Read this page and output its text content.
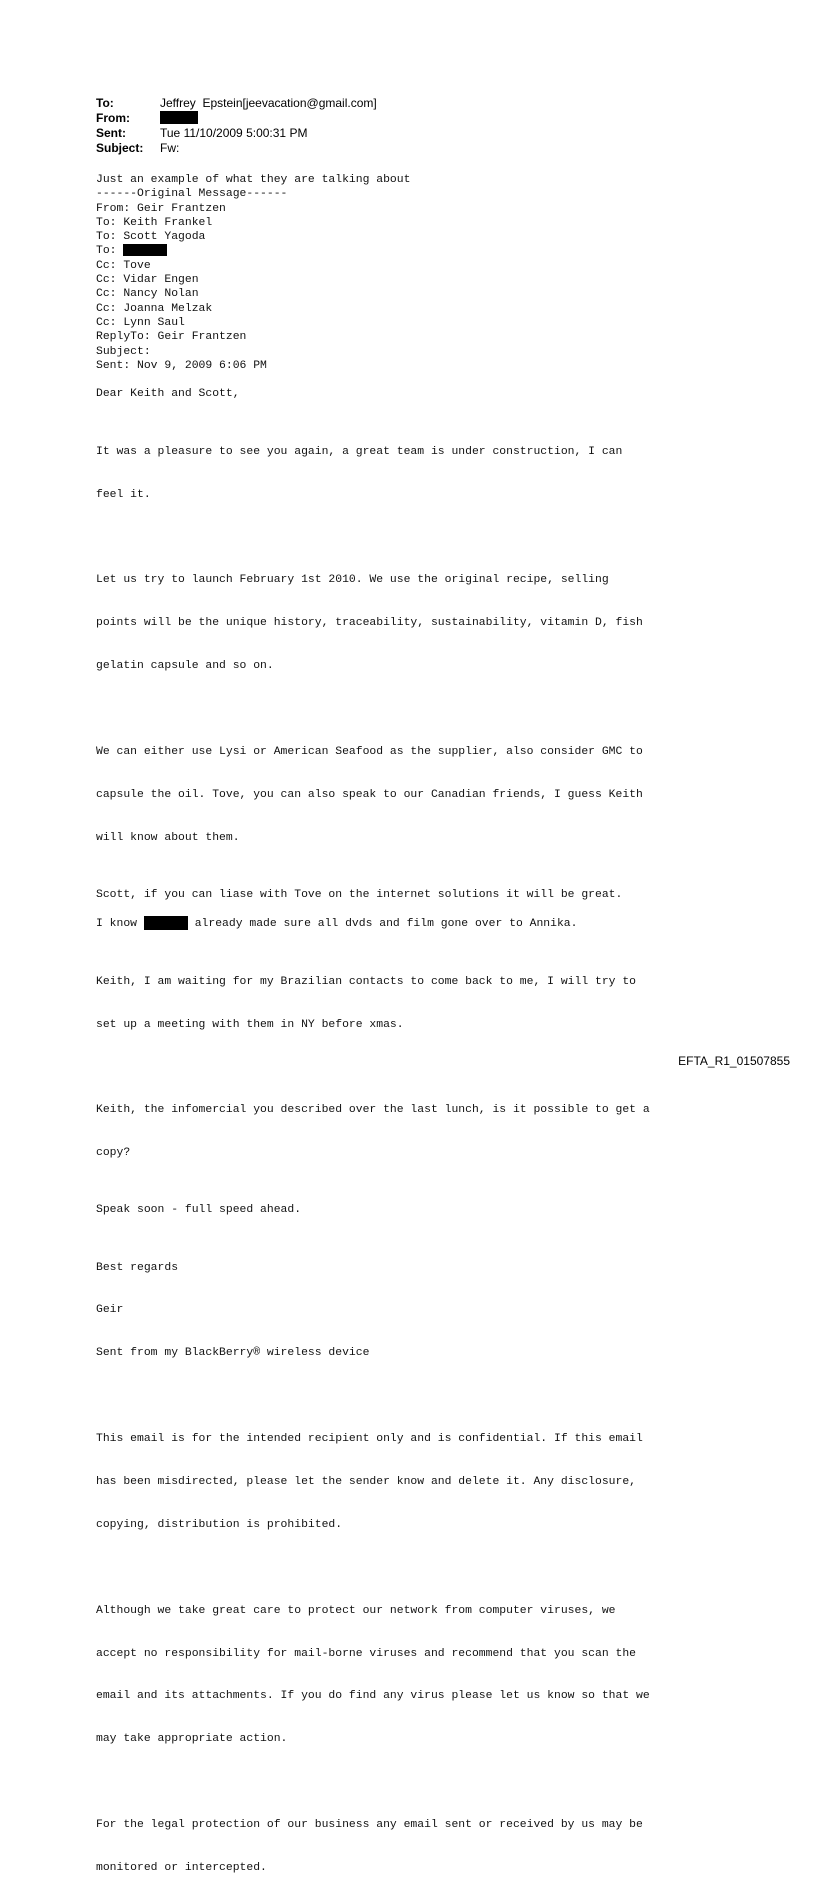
To:	Jeffrey  Epstein[jeevacation@gmail.com]
From:
Sent:	Tue 11/10/2009 5:00:31 PM
Subject:	Fw:
Just an example of what they are talking about
------Original Message------
From: Geir Frantzen
To: Keith Frankel
To: Scott Yagoda
To:
Cc: Tove
Cc: Vidar Engen
Cc: Nancy Nolan
Cc: Joanna Melzak
Cc: Lynn Saul
ReplyTo: Geir Frantzen
Subject:
Sent: Nov 9, 2009 6:06 PM
Dear Keith and Scott,

It was a pleasure to see you again, a great team is under construction, I can

feel it.

Let us try to launch February 1st 2010. We use the original recipe, selling

points will be the unique history, traceability, sustainability, vitamin D, fish

gelatin capsule and so on.

We can either use Lysi or American Seafood as the supplier, also consider GMC to

capsule the oil. Tove, you can also speak to our Canadian friends, I guess Keith

will know about them.

Scott, if you can liase with Tove on the internet solutions it will be great.
I know	already made sure all dvds and film gone over to Annika.

Keith, I am waiting for my Brazilian contacts to come back to me, I will try to

set up a meeting with them in NY before xmas.

Keith, the infomercial you described over the last lunch, is it possible to get a

copy?

Speak soon - full speed ahead.

Best regards

Geir

Sent from my BlackBerry® wireless device

This email is for the intended recipient only and is confidential. If this email

has been misdirected, please let the sender know and delete it. Any disclosure,

copying, distribution is prohibited.

Although we take great care to protect our network from computer viruses, we

accept no responsibility for mail-borne viruses and recommend that you scan the

email and its attachments. If you do find any virus please let us know so that we

may take appropriate action.

For the legal protection of our business any email sent or received by us may be

monitored or intercepted.

EFTA_R1_01507855
